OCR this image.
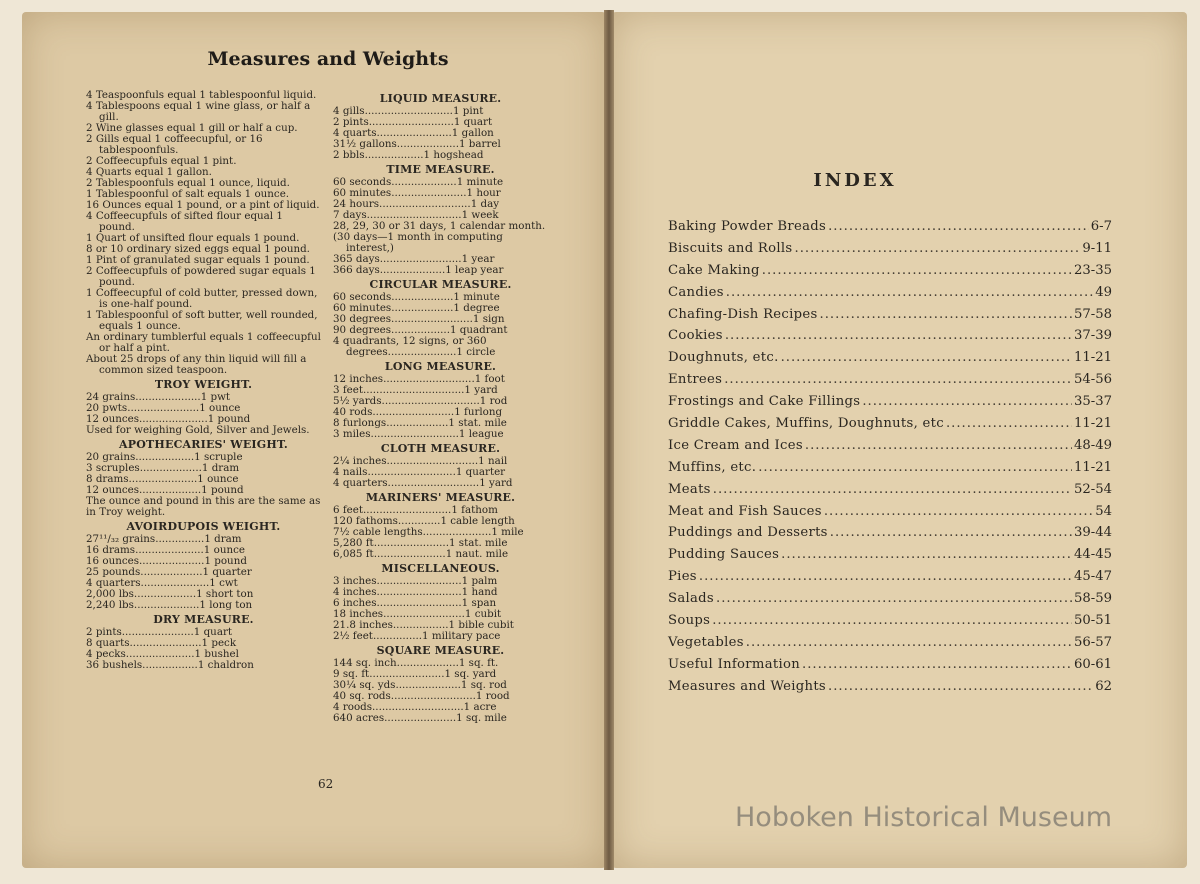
Measures and Weights
4 Teaspoonfuls equal 1 tablespoonful liquid.
4 Tablespoons equal 1 wine glass, or half a gill.
2 Wine glasses equal 1 gill or half a cup.
2 Gills equal 1 coffeecupful, or 16 tablespoonfuls.
2 Coffeecupfuls equal 1 pint.
4 Quarts equal 1 gallon.
2 Tablespoonfuls equal 1 ounce, liquid.
1 Tablespoonful of salt equals 1 ounce.
16 Ounces equal 1 pound, or a pint of liquid.
4 Coffeecupfuls of sifted flour equal 1 pound.
1 Quart of unsifted flour equals 1 pound.
8 or 10 ordinary sized eggs equal 1 pound.
1 Pint of granulated sugar equals 1 pound.
2 Coffeecupfuls of powdered sugar equals 1 pound.
1 Coffeecupful of cold butter, pressed down, is one-half pound.
1 Tablespoonful of soft butter, well rounded, equals 1 ounce.
An ordinary tumblerful equals 1 coffeecupful or half a pint.
About 25 drops of any thin liquid will fill a common sized teaspoon.
TROY WEIGHT.
24 grains....................1 pwt
20 pwts......................1 ounce
12 ounces.....................1 pound
Used for weighing Gold, Silver and Jewels.
APOTHECARIES' WEIGHT.
20 grains..................1 scruple
3 scruples...................1 dram
8 drams.....................1 ounce
12 ounces...................1 pound
The ounce and pound in this are the same as in Troy weight.
AVOIRDUPOIS WEIGHT.
27¹¹/₃₂ grains...............1 dram
16 drams.....................1 ounce
16 ounces....................1 pound
25 pounds...................1 quarter
4 quarters.....................1 cwt
2,000 lbs...................1 short ton
2,240 lbs....................1 long ton
DRY MEASURE.
2 pints......................1 quart
8 quarts......................1 peck
4 pecks.....................1 bushel
36 bushels.................1 chaldron
LIQUID MEASURE.
4 gills...........................1 pint
2 pints..........................1 quart
4 quarts.......................1 gallon
31½ gallons...................1 barrel
2 bbls..................1 hogshead
TIME MEASURE.
60 seconds....................1 minute
60 minutes.......................1 hour
24 hours............................1 day
7 days.............................1 week
28, 29, 30 or 31 days, 1 calendar month.
(30 days—1 month in computing interest,)
365 days.........................1 year
366 days....................1 leap year
CIRCULAR MEASURE.
60 seconds...................1 minute
60 minutes...................1 degree
30 degrees.........................1 sign
90 degrees..................1 quadrant
4 quadrants, 12 signs, or 360 degrees.....................1 circle
LONG MEASURE.
12 inches............................1 foot
3 feet...............................1 yard
5½ yards..............................1 rod
40 rods.........................1 furlong
8 furlongs...................1 stat. mile
3 miles...........................1 league
CLOTH MEASURE.
2¼ inches............................1 nail
4 nails...........................1 quarter
4 quarters............................1 yard
MARINERS' MEASURE.
6 feet...........................1 fathom
120 fathoms.............1 cable length
7½ cable lengths.....................1 mile
5,280 ft.......................1 stat. mile
6,085 ft......................1 naut. mile
MISCELLANEOUS.
3 inches..........................1 palm
4 inches..........................1 hand
6 inches..........................1 span
18 inches.........................1 cubit
21.8 inches.................1 bible cubit
2½ feet...............1 military pace
SQUARE MEASURE.
144 sq. inch...................1 sq. ft.
9 sq. ft.......................1 sq. yard
30¼ sq. yds....................1 sq. rod
40 sq. rods..........................1 rood
4 roods............................1 acre
640 acres......................1 sq. mile
62
INDEX
Baking Powder Breads .....	6-7
Biscuits and Rolls .....	9-11
Cake Making .....	23-35
Candies .....	49
Chafing-Dish Recipes .....	57-58
Cookies .....	37-39
Doughnuts, etc. .....	11-21
Entrees .....	54-56
Frostings and Cake Fillings .....	35-37
Griddle Cakes, Muffins, Doughnuts, etc .....	11-21
Ice Cream and Ices .....	48-49
Muffins, etc. .....	11-21
Meats .....	52-54
Meat and Fish Sauces .....	54
Puddings and Desserts .....	39-44
Pudding Sauces .....	44-45
Pies .....	45-47
Salads .....	58-59
Soups .....	50-51
Vegetables .....	56-57
Useful Information .....	60-61
Measures and Weights .....	62
Hoboken Historical Museum
